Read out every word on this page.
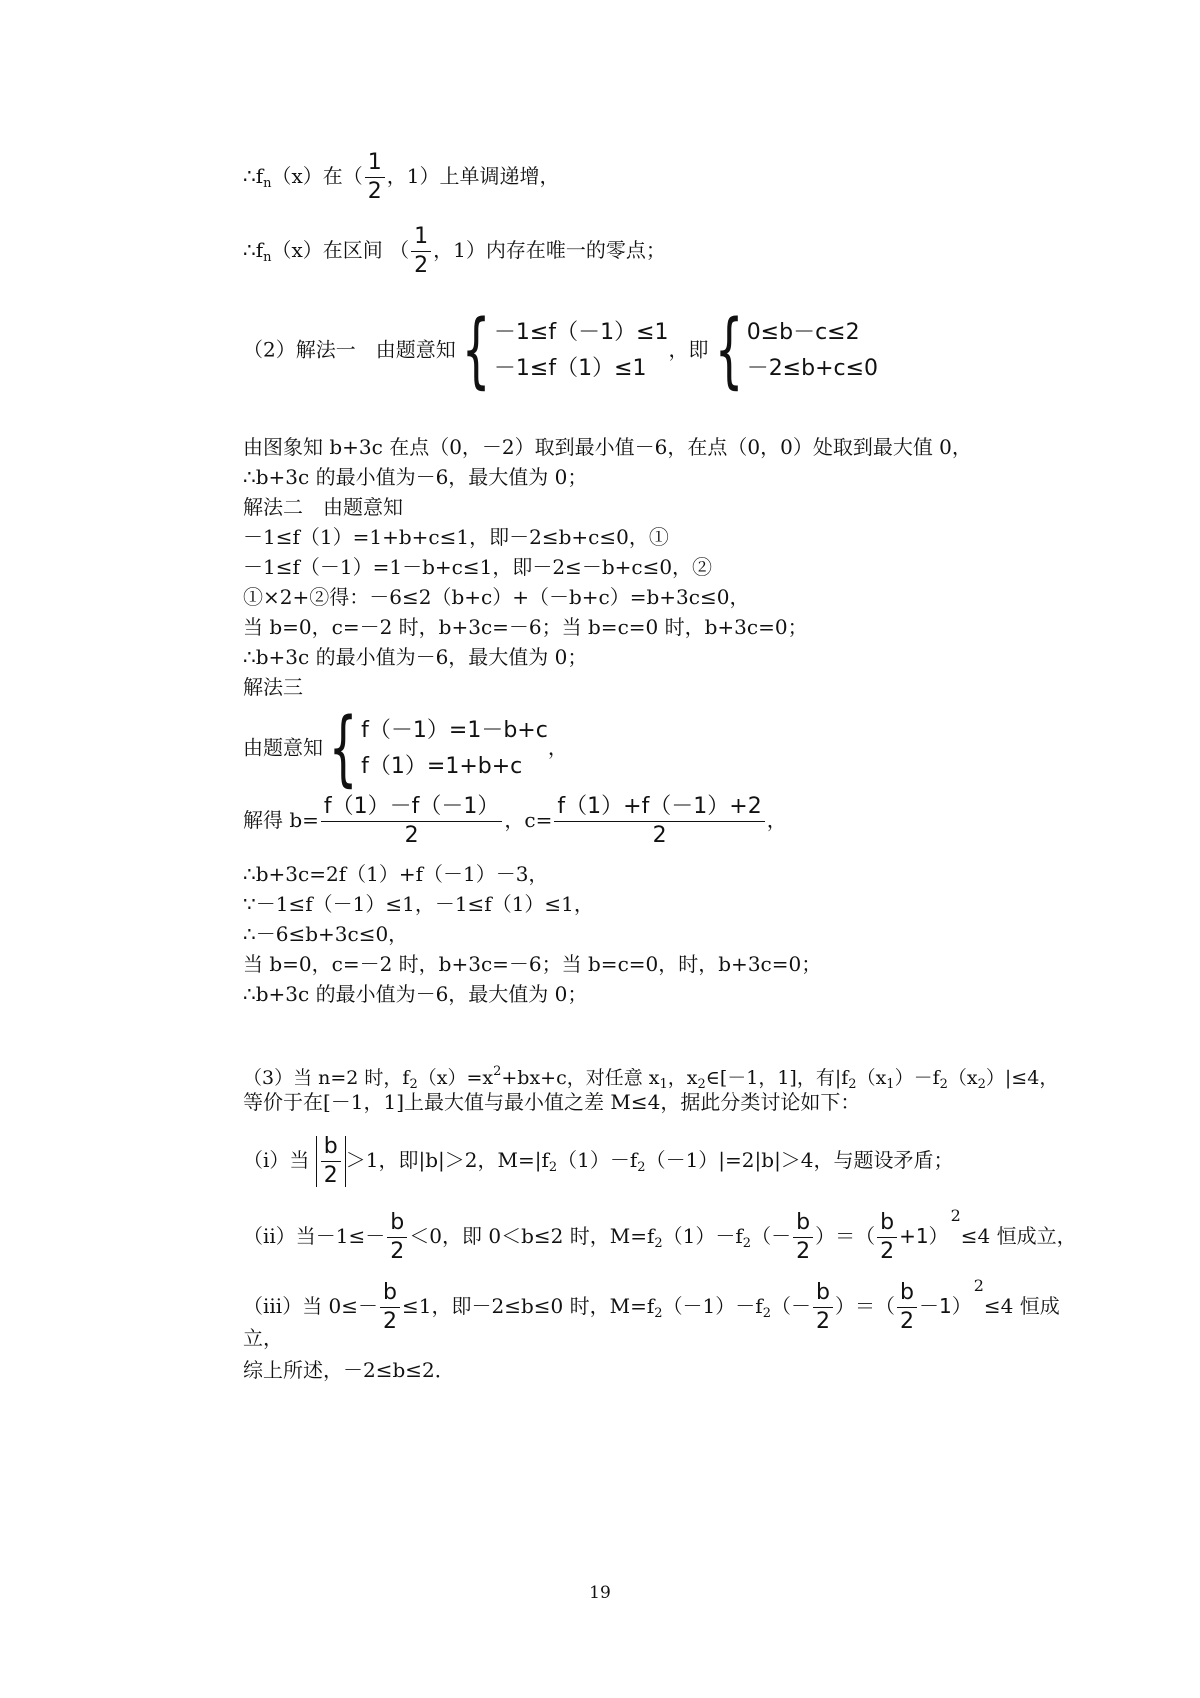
$\therefore f_n(x)$在（ $\frac{1}{2}$ ，1）上单调递增，
$\therefore f_n(x)$在区间 （ $\frac{1}{2}$ ，1）内存在唯一的零点；
（2）解法一　由题意知{ －1≤f（－1）≤1
－1≤f（1）≤1
，即{ 0≤b－c≤2
－2≤b+c≤0
由图象知 b+3c 在点（0，－2）取到最小值－6，在点（0，0）处取到最大值 0，
∴b+3c 的最小值为－6，最大值为 0；
解法二　由题意知
－1≤f（1）=1+b+c≤1，即－2≤b+c≤0，①
－1≤f（－1）=1－b+c≤1，即－2≤－b+c≤0，②
①×2+②得：－6≤2（b+c）+（－b+c）=b+3c≤0，
当 b=0，c=－2 时，b+3c=－6；当 b=c=0 时，b+3c=0；
∴b+3c 的最小值为－6，最大值为 0；
解法三
由题意知{ f（－1）=1－b+c
f（1）=1+b+c
，
解得 $b= \frac{f(1)-f(-1)}{2}$ ，$c= \frac{f(1)+f(-1)+2}{2}$ ，
∴b+3c=2f（1）+f（－1）－3，
∵－1≤f（－1）≤1，－1≤f（1）≤1，
∴－6≤b+3c≤0，
当 b=0，c=－2 时，b+3c=－6；当 b=c=0，时，b+3c=0；
∴b+3c 的最小值为－6，最大值为 0；
（3）当 n=2 时，$f_2(x)=x^2+bx+c$，对任意 $x_1$，$x_2\in[-1$，1]，有$|f_2(x_1)-f_2(x_2)|\le 4$，
等价于在[－1，1]上最大值与最小值之差 M≤4，据此分类讨论如下：
（i）当 $\frac{b}{2} >1$，即|b|＞2，$M=|f_2(1)-f_2(-1)|=2|b|>4$，与题设矛盾；
（ii）当$-1\le- \frac{b}{2} <0$，即 0＜b≤2 时，$M=f_2(1)-f_2(- \frac{b}{2}$ ）＝（ $\frac{b}{2} +1)^2\le 4$ 恒成立，
（iii）当 $0\le- \frac{b}{2} \le 1$，即－2≤b≤0 时，$M=f_2(-1)-f_2(- \frac{b}{2}$ ）＝（ $\frac{b}{2} -1)^2\le 4$ 恒成
立，
综上所述，－2≤b≤2．
19
